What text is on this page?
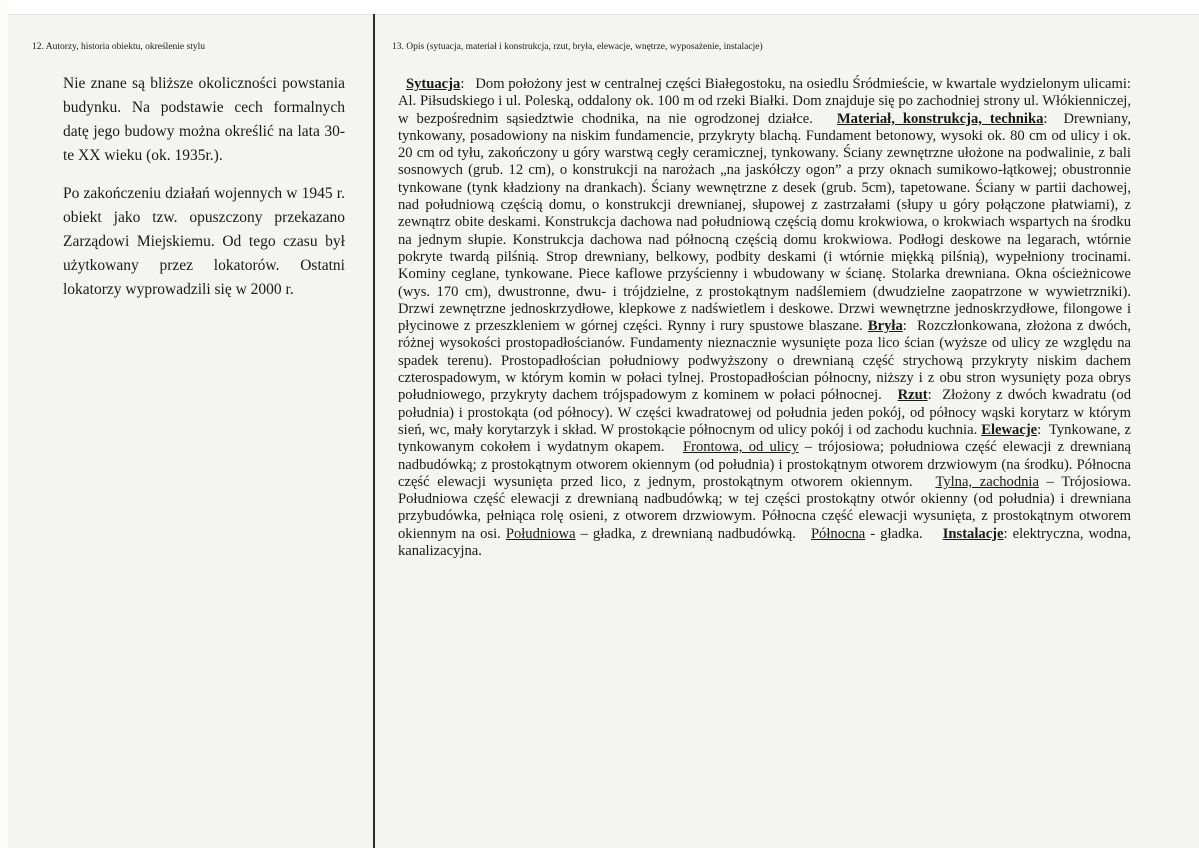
12. Autorzy, historia obiektu, określenie stylu	13. Opis (sytuacja, materiał i konstrukcja, rzut, bryła, elewacje, wnętrze, wyposażenie, instalacje)

Nie znane są bliższe okoliczności powstania budynku. Na podstawie cech formalnych datę jego budowy można określić na lata 30-te XX wieku (ok. 1935r.).

Po zakończeniu działań wojennych w 1945 r. obiekt jako tzw. opuszczony przekazano Zarządowi Miejskiemu. Od tego czasu był użytkowany przez lokatorów. Ostatni lokatorzy wyprowadzili się w 2000 r.

Sytuacja:   Dom położony jest w centralnej części Białegostoku, na osiedlu Śródmieście, w kwartale wydzielonym ulicami: Al. Piłsudskiego i ul. Poleską, oddalony ok. 100 m od rzeki Białki. Dom znajduje się po zachodniej strony ul. Włókienniczej, w bezpośrednim sąsiedztwie chodnika, na nie ogrodzonej działce. Materiał, konstrukcja, technika:  Drewniany, tynkowany, posadowiony na niskim fundamencie, przykryty blachą. Fundament betonowy, wysoki ok. 80 cm od ulicy i ok. 20 cm od tyłu, zakończony u góry warstwą cegły ceramicznej, tynkowany. Ściany zewnętrzne ułożone na podwalinie, z bali sosnowych (grub. 12 cm), o konstrukcji na narożach „na jaskółczy ogon” a przy oknach sumikowo-łątkowej; obustronnie tynkowane (tynk kładziony na drankach). Ściany wewnętrzne z desek (grub. 5cm), tapetowane. Ściany w partii dachowej, nad południową częścią domu, o konstrukcji drewnianej, słupowej z zastrzałami (słupy u góry połączone płatwiami), z zewnątrz obite deskami. Konstrukcja dachowa nad południową częścią domu krokwiowa, o krokwiach wspartych na środku na jednym słupie. Konstrukcja dachowa nad północną częścią domu krokwiowa. Podłogi deskowe na legarach, wtórnie pokryte twardą pilśnią. Strop drewniany, belkowy, podbity deskami (i wtórnie miękką pilśnią), wypełniony trocinami. Kominy ceglane, tynkowane. Piece kaflowe przyścienny i wbudowany w ścianę. Stolarka drewniana. Okna ościeżnicowe (wys. 170 cm), dwustronne, dwu- i trójdzielne, z prostokątnym nadślemiem (dwudzielne zaopatrzone w wywietrzniki). Drzwi zewnętrzne jednoskrzydłowe, klepkowe z nadświetlem i deskowe. Drzwi wewnętrzne jednoskrzydłowe, filongowe i płycinowe z przeszkleniem w górnej części. Rynny i rury spustowe blaszane. Bryła:  Rozczłonkowana, złożona z dwóch, różnej wysokości prostopadłościanów. Fundamenty nieznacznie wysunięte poza lico ścian (wyższe od ulicy ze względu na spadek terenu). Prostopadłościan południowy podwyższony o drewnianą część strychową przykryty niskim dachem czterospadowym, w którym komin w połaci tylnej. Prostopadłościan północny, niższy i z obu stron wysunięty poza obrys południowego, przykryty dachem trójspadowym z kominem w połaci północnej. Rzut:  Złożony z dwóch kwadratu (od południa) i prostokąta (od północy). W części kwadratowej od południa jeden pokój, od północy wąski korytarz w którym sień, wc, mały korytarzyk i skład. W prostokącie północnym od ulicy pokój i od zachodu kuchnia. Elewacje:  Tynkowane, z tynkowanym cokołem i wydatnym okapem. Frontowa, od ulicy – trójosiowa; południowa część elewacji z drewnianą nadbudówką; z prostokątnym otworem okiennym (od południa) i prostokątnym otworem drzwiowym (na środku). Północna część elewacji wysunięta przed lico, z jednym, prostokątnym otworem okiennym. Tylna, zachodnia – Trójosiowa. Południowa część elewacji z drewnianą nadbudówką; w tej części prostokątny otwór okienny (od południa) i drewniana przybudówka, pełniąca rolę osieni, z otworem drzwiowym. Północna część elewacji wysunięta, z prostokątnym otworem okiennym na osi. Południowa – gładka, z drewnianą nadbudówką. Północna - gładka. Instalacje: elektryczna, wodna, kanalizacyjna.
